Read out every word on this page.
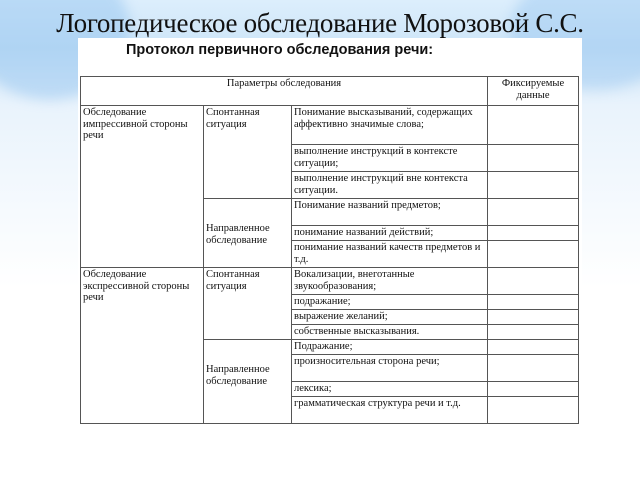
Логопедическое обследование Морозовой С.С.
Протокол первичного обследования речи:
Параметры обследования			Фиксируемые данные
Обследование импрессивной стороны речи	Спонтанная ситуация	Понимание высказываний, содержащих аффективно значимые слова;	
		выполнение инструкций в контексте ситуации;	
		выполнение инструкций вне контекста ситуации.	
	Направленное обследование	Понимание названий предметов;	
		понимание названий действий;	
		понимание названий качеств предметов и т.д.	
Обследование экспрессивной стороны речи	Спонтанная ситуация	Вокализации, внеготанные звукообразования;	
		подражание;	
		выражение желаний;	
		собственные высказывания.	
	Направленное обследование	Подражание;	
		произносительная сторона речи;	
		лексика;	
		грамматическая структура речи и т.д.	
